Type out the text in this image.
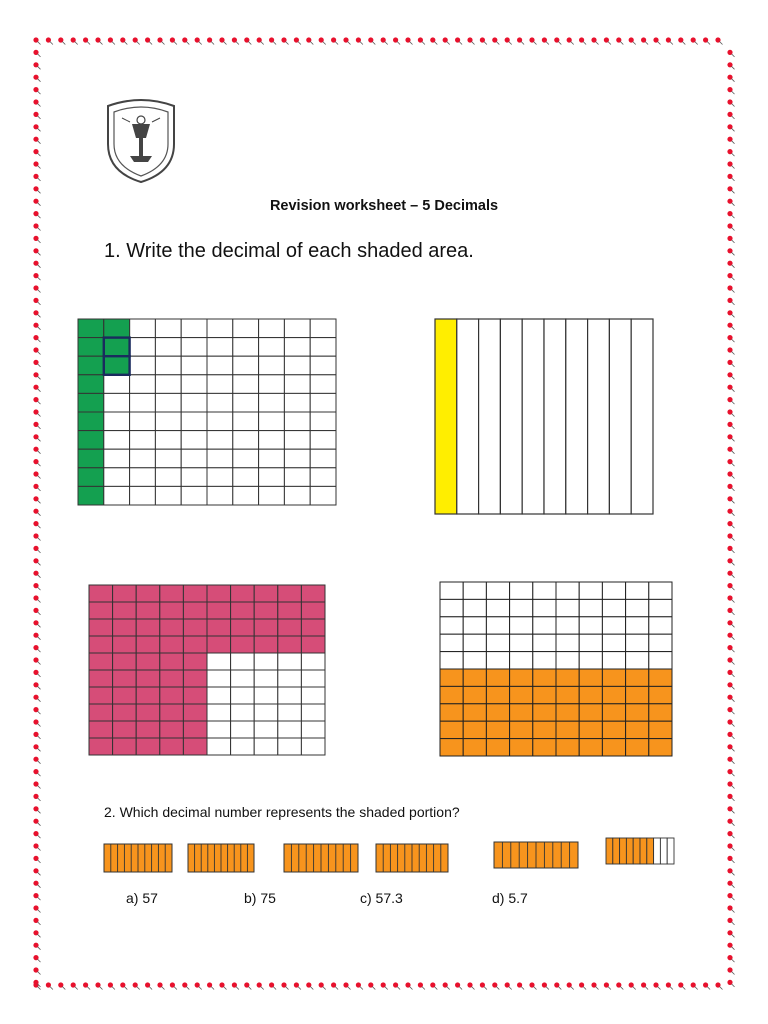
Revision worksheet – 5 Decimals
1. Write the decimal of each shaded area.
2. Which decimal number represents the shaded portion?
a) 57	b) 75	c) 57.3	d) 5.7
